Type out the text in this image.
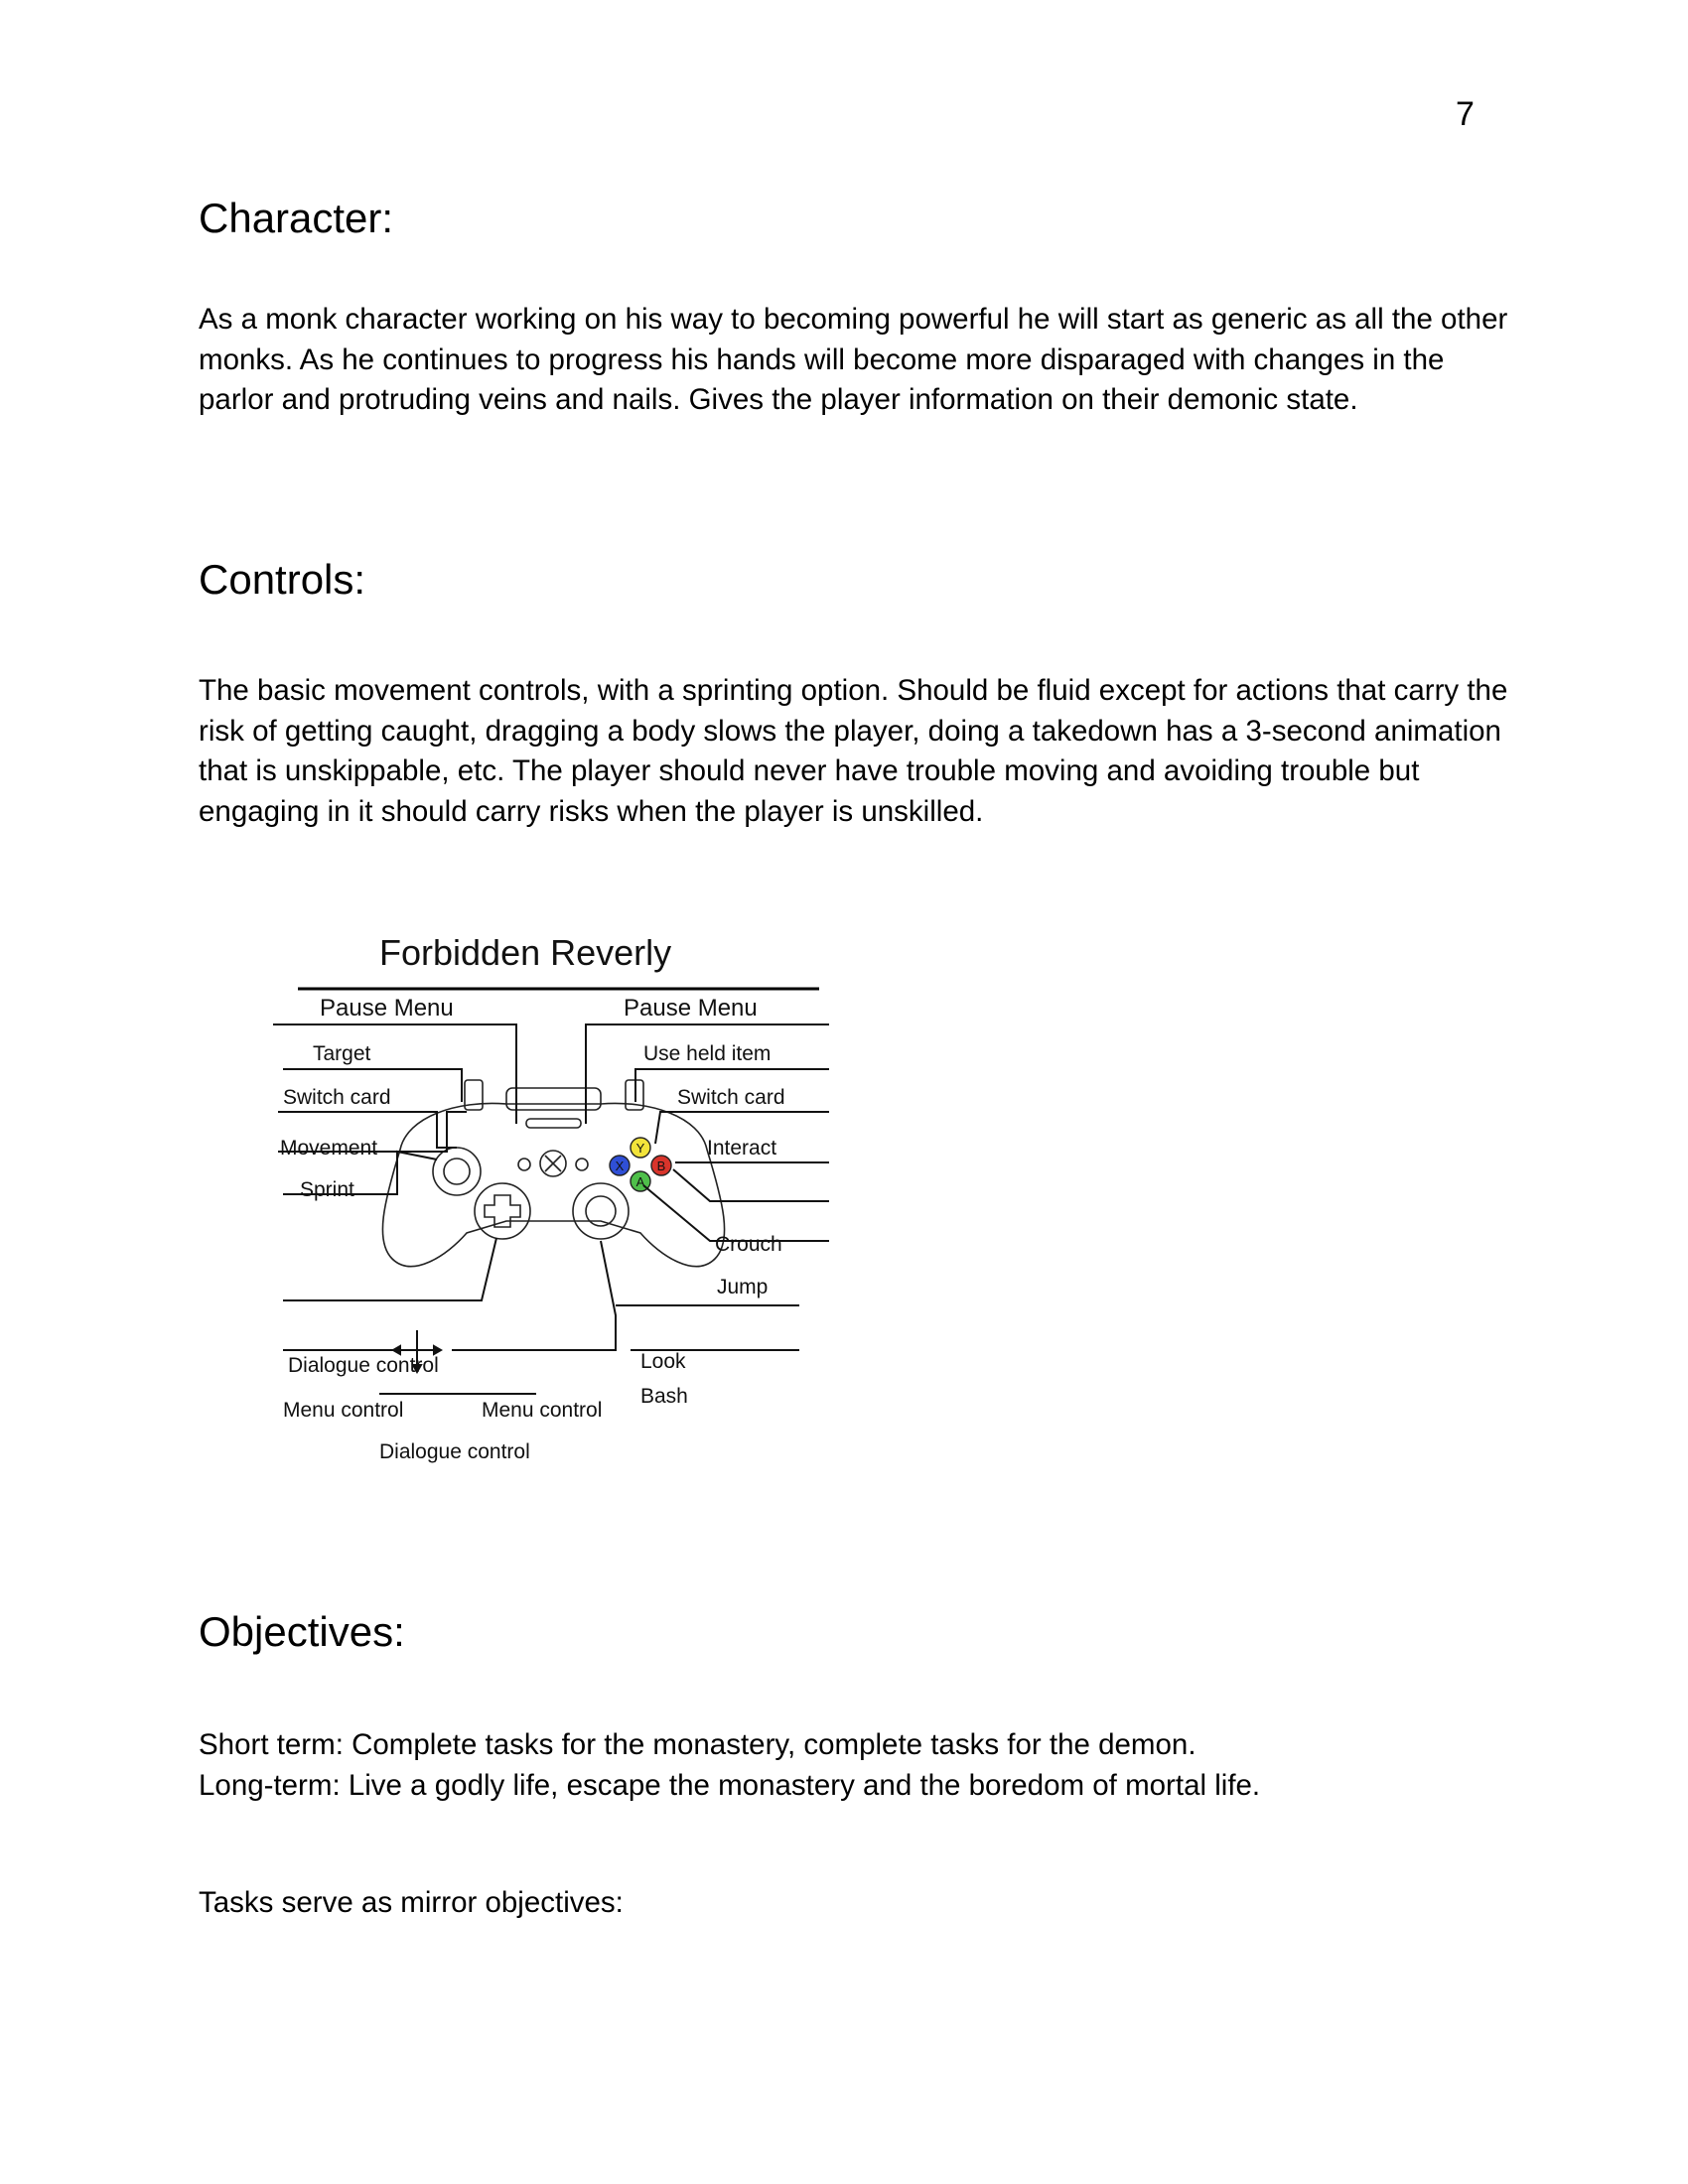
7
Character:

As a monk character working on his way to becoming powerful he will start as generic as all the other monks. As he continues to progress his hands will become more disparaged with changes in the parlor and protruding veins and nails. Gives the player information on their demonic state.

Controls:

The basic movement controls, with a sprinting option. Should be fluid except for actions that carry the risk of getting caught, dragging a body slows the player, doing a takedown has a 3-second animation that is unskippable, etc. The player should never have trouble moving and avoiding trouble but engaging in it should carry risks when the player is unskilled.

Forbidden Reverly
Y
X	B
A
Pause Menu	Pause Menu
Target
Switch card
Movement
Sprint
Use held item
Switch card
Interact
Crouch
Jump
Dialogue control
Menu control	Menu control
Dialogue control
Look
Bash
Objectives:

Short term: Complete tasks for the monastery, complete tasks for the demon.

Long-term: Live a godly life, escape the monastery and the boredom of mortal life.

Tasks serve as mirror objectives:
